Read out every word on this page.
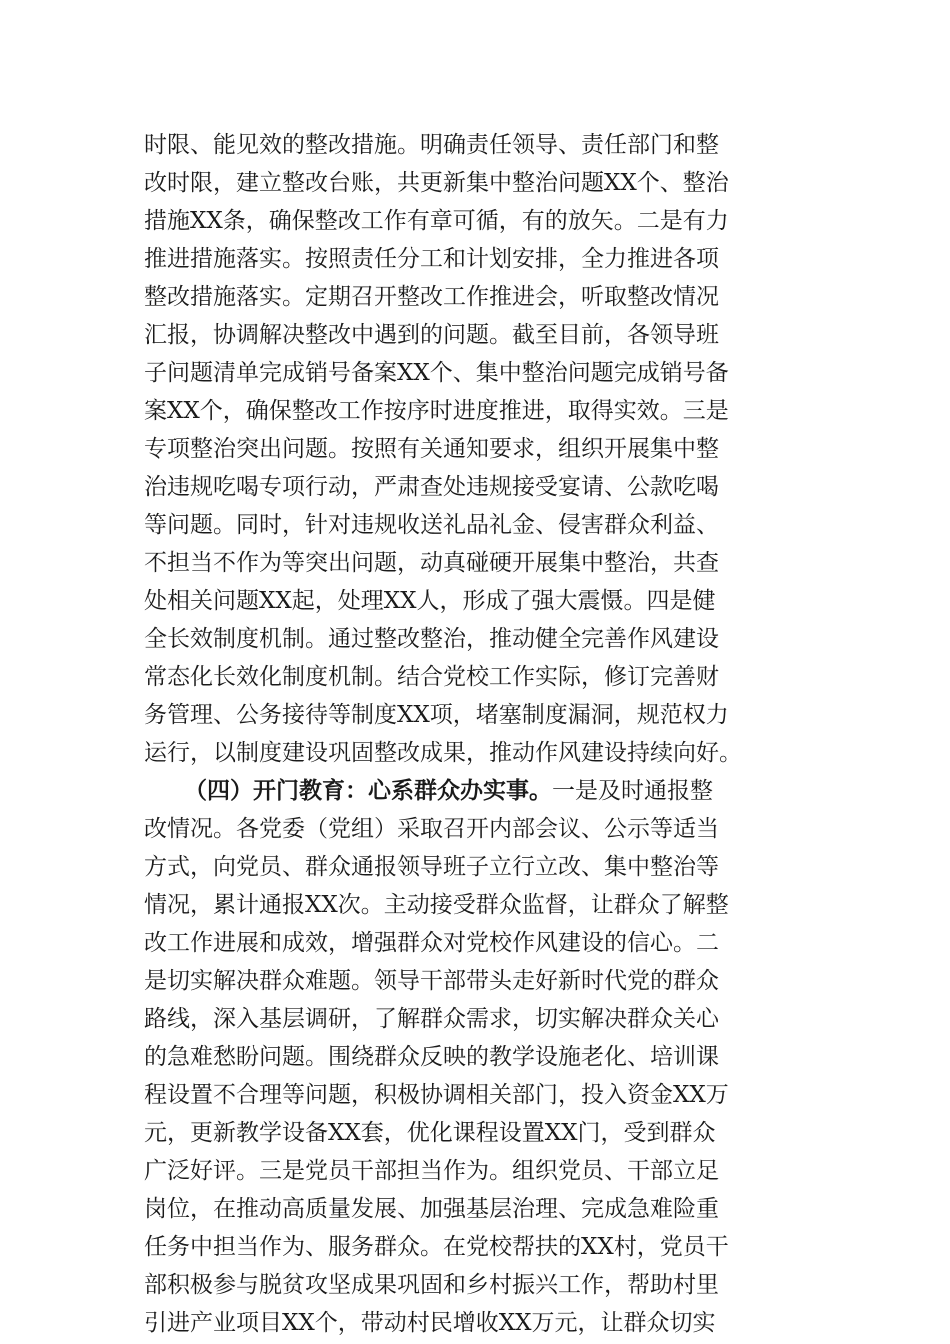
时限、能见效的整改措施。明确责任领导、责任部门和整
改时限，建立整改台账，共更新集中整治问题XX个、整治
措施XX条，确保整改工作有章可循，有的放矢。二是有力
推进措施落实。按照责任分工和计划安排，全力推进各项
整改措施落实。定期召开整改工作推进会，听取整改情况
汇报，协调解决整改中遇到的问题。截至目前，各领导班
子问题清单完成销号备案XX个、集中整治问题完成销号备
案XX个，确保整改工作按序时进度推进，取得实效。三是
专项整治突出问题。按照有关通知要求，组织开展集中整
治违规吃喝专项行动，严肃查处违规接受宴请、公款吃喝
等问题。同时，针对违规收送礼品礼金、侵害群众利益、
不担当不作为等突出问题，动真碰硬开展集中整治，共查
处相关问题XX起，处理XX人，形成了强大震慑。四是健
全长效制度机制。通过整改整治，推动健全完善作风建设
常态化长效化制度机制。结合党校工作实际，修订完善财
务管理、公务接待等制度XX项，堵塞制度漏洞，规范权力
运行，以制度建设巩固整改成果，推动作风建设持续向好。
（四）开门教育：心系群众办实事。一是及时通报整
改情况。各党委（党组）采取召开内部会议、公示等适当
方式，向党员、群众通报领导班子立行立改、集中整治等
情况，累计通报XX次。主动接受群众监督，让群众了解整
改工作进展和成效，增强群众对党校作风建设的信心。二
是切实解决群众难题。领导干部带头走好新时代党的群众
路线，深入基层调研，了解群众需求，切实解决群众关心
的急难愁盼问题。围绕群众反映的教学设施老化、培训课
程设置不合理等问题，积极协调相关部门，投入资金XX万
元，更新教学设备XX套，优化课程设置XX门，受到群众
广泛好评。三是党员干部担当作为。组织党员、干部立足
岗位，在推动高质量发展、加强基层治理、完成急难险重
任务中担当作为、服务群众。在党校帮扶的XX村，党员干
部积极参与脱贫攻坚成果巩固和乡村振兴工作，帮助村里
引进产业项目XX个，带动村民增收XX万元，让群众切实
